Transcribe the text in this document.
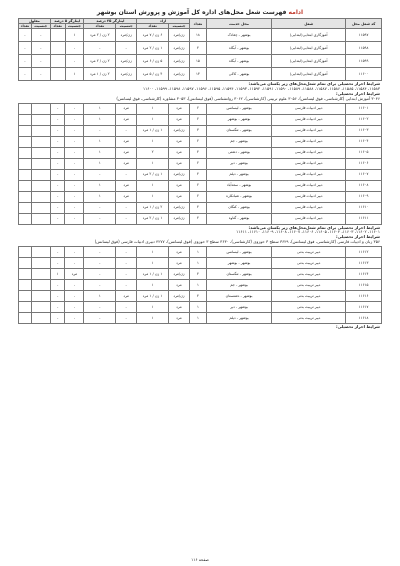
ادامه فهرست شغل محل‌های اداره کل آموزش و پرورش استان بوشهر
کد شغل محل	شغل	محل خدمت	تعداد	آزاد		ایثارگر ۲۵ درصد		ایثارگر ۵ درصد		معلول	
				جنسیت	تعداد	جنسیت	تعداد	جنسیت	تعداد	جنسیت	تعداد
۱۱۵۹۷	آموزگاری ابتدایی(ابتدایی)	بوشهر - چغادک	۱۸	زن/مرد	۶ زن / ۷ مرد	زن/مرد	۲ زن / ۲ مرد	۱		-	-
۱۱۵۹۸	آموزگاری ابتدایی(ابتدایی)	بوشهر - آبگاه	۴	زن/مرد	۱ زن / ۲ مرد	-	-	-		-	-
۱۱۵۹۹	آموزگاری ابتدایی(ابتدایی)	بوشهر - آبگاه	۱۵	زن/مرد	۵ زن / ۶ مرد	زن/مرد	۲ زن / ۲ مرد	-		-	-
۱۱۶۰۰	آموزگاری ابتدایی(ابتدایی)	بوشهر - کاکی	۱۳	زن/مرد	۴ زن / ۵ مرد	زن/مرد	۲ زن / ۱ مرد	۱		-	-
شرایط احراز تحصیلی برای تمام شغل‌محل‌های زیر یکسان می‌باشد:
۱۱۵۸۳، ۱۱۵۸۴، ۱۱۵۸۵، ۱۱۵۸۶، ۱۱۵۸۷، ۱۱۵۸۸، ۱۱۵۸۹، ۱۱۵۹۰، ۱۱۵۹۱، ۱۱۵۹۲، ۱۱۵۹۳، ۱۱۵۹۴، ۱۱۵۹۵، ۱۱۵۹۶، ۱۱۵۹۷، ۱۱۵۹۸، ۱۱۵۹۹، ۱۱۶۰۰
شرایط احراز تحصیلی:
۳۰۴۶ آموزش ابتدایی (کارشناسی، فوق لیسانس)، ۳۰۵۶ علوم تربیتی (کارشناسی)، ۳۰۶۲ روانشناسی (فوق لیسانس)، ۳۰۵۳ مشاوره (کارشناسی، فوق لیسانس)
۱۱۶۰۱	دبیر ادبیات فارسی	بوشهر - لیسانس	۲	مرد	۱	مرد	۱	-	-		
۱۱۶۰۲	دبیر ادبیات فارسی	بوشهر - بوشهر	۲	مرد	۱	مرد	۱	-	-		
۱۱۶۰۳	دبیر ادبیات فارسی	بوشهر - تنگستان	۳	زن/مرد	۱ زن / ۱ مرد	-	-	-	-		
۱۱۶۰۴	دبیر ادبیات فارسی	بوشهر - جم	۲	مرد	۱	مرد	۱	-	-		
۱۱۶۰۵	دبیر ادبیات فارسی	بوشهر - دشتی	۴	مرد	۲	مرد	۱	-	-		
۱۱۶۰۶	دبیر ادبیات فارسی	بوشهر - دیر	۲	مرد	۱	مرد	۱	-	-		
۱۱۶۰۷	دبیر ادبیات فارسی	بوشهر - دیلم	۴	زن/مرد	۱ زن / ۲ مرد	-	-	-	-		
۱۱۶۰۸	دبیر ادبیات فارسی	بوشهر - سعدآباد	۲	مرد	۱	مرد	۱	-	-		
۱۱۶۰۹	دبیر ادبیات فارسی	بوشهر - شبانکاره	۲	مرد	۱	مرد	۱	-	-		
۱۱۶۱۰	دبیر ادبیات فارسی	بوشهر - کنگان	۴	زن/مرد	۲ زن / ۱ مرد	-	-	-	-		
۱۱۶۱۱	دبیر ادبیات فارسی	بوشهر - گناوه	۴	زن/مرد	۱ زن / ۲ مرد	-	-	-	-		
شرایط احراز تحصیلی برای تمام شغل‌محل‌های زیر یکسان می‌باشد:
۱۱۶۰۱، ۱۱۶۰۲، ۱۱۶۰۳، ۱۱۶۰۴، ۱۱۶۰۵، ۱۱۶۰۶، ۱۱۶۰۷، ۱۱۶۰۸، ۱۱۶۰۹، ۱۱۶۱۰، ۱۱۶۱۱
شرایط احراز تحصیلی:
۳۵۶ زبان و ادبیات فارسی (کارشناسی، فوق لیسانس)، ۳۶۲۹ سطح ۳ حوزوی (کارشناسی)، ۳۶۳۰ سطح ۳ حوزوی (فوق لیسانس)، ۴۲۷۷ دبیری ادبیات فارسی (فوق لیسانس)
۱۱۶۱۲	دبیر تربیت بدنی	بوشهر - لیسانس	۱	مرد	۱	-	-	-	-		
۱۱۶۱۳	دبیر تربیت بدنی	بوشهر - بوشهر	۱	مرد	۱	-	-	-	-		
۱۱۶۱۴	دبیر تربیت بدنی	بوشهر - تنگستان	۴	زن/مرد	۱ زن / ۱ مرد	-	-	مرد	۱		
۱۱۶۱۵	دبیر تربیت بدنی	بوشهر - جم	۱	مرد	۱	-	-	-	-		
۱۱۶۱۶	دبیر تربیت بدنی	بوشهر - دشتستان	۴	زن/مرد	۱ زن / ۱ مرد	مرد	۱	-	-		
۱۱۶۱۷	دبیر تربیت بدنی	بوشهر - دیر	۱	مرد	۱	-	-	-	-		
۱۱۶۱۸	دبیر تربیت بدنی	بوشهر - دیلم	۱	مرد	۱	-	-	-	-		
شرایط احراز تحصیلی:
صفحه ۱۱۶
